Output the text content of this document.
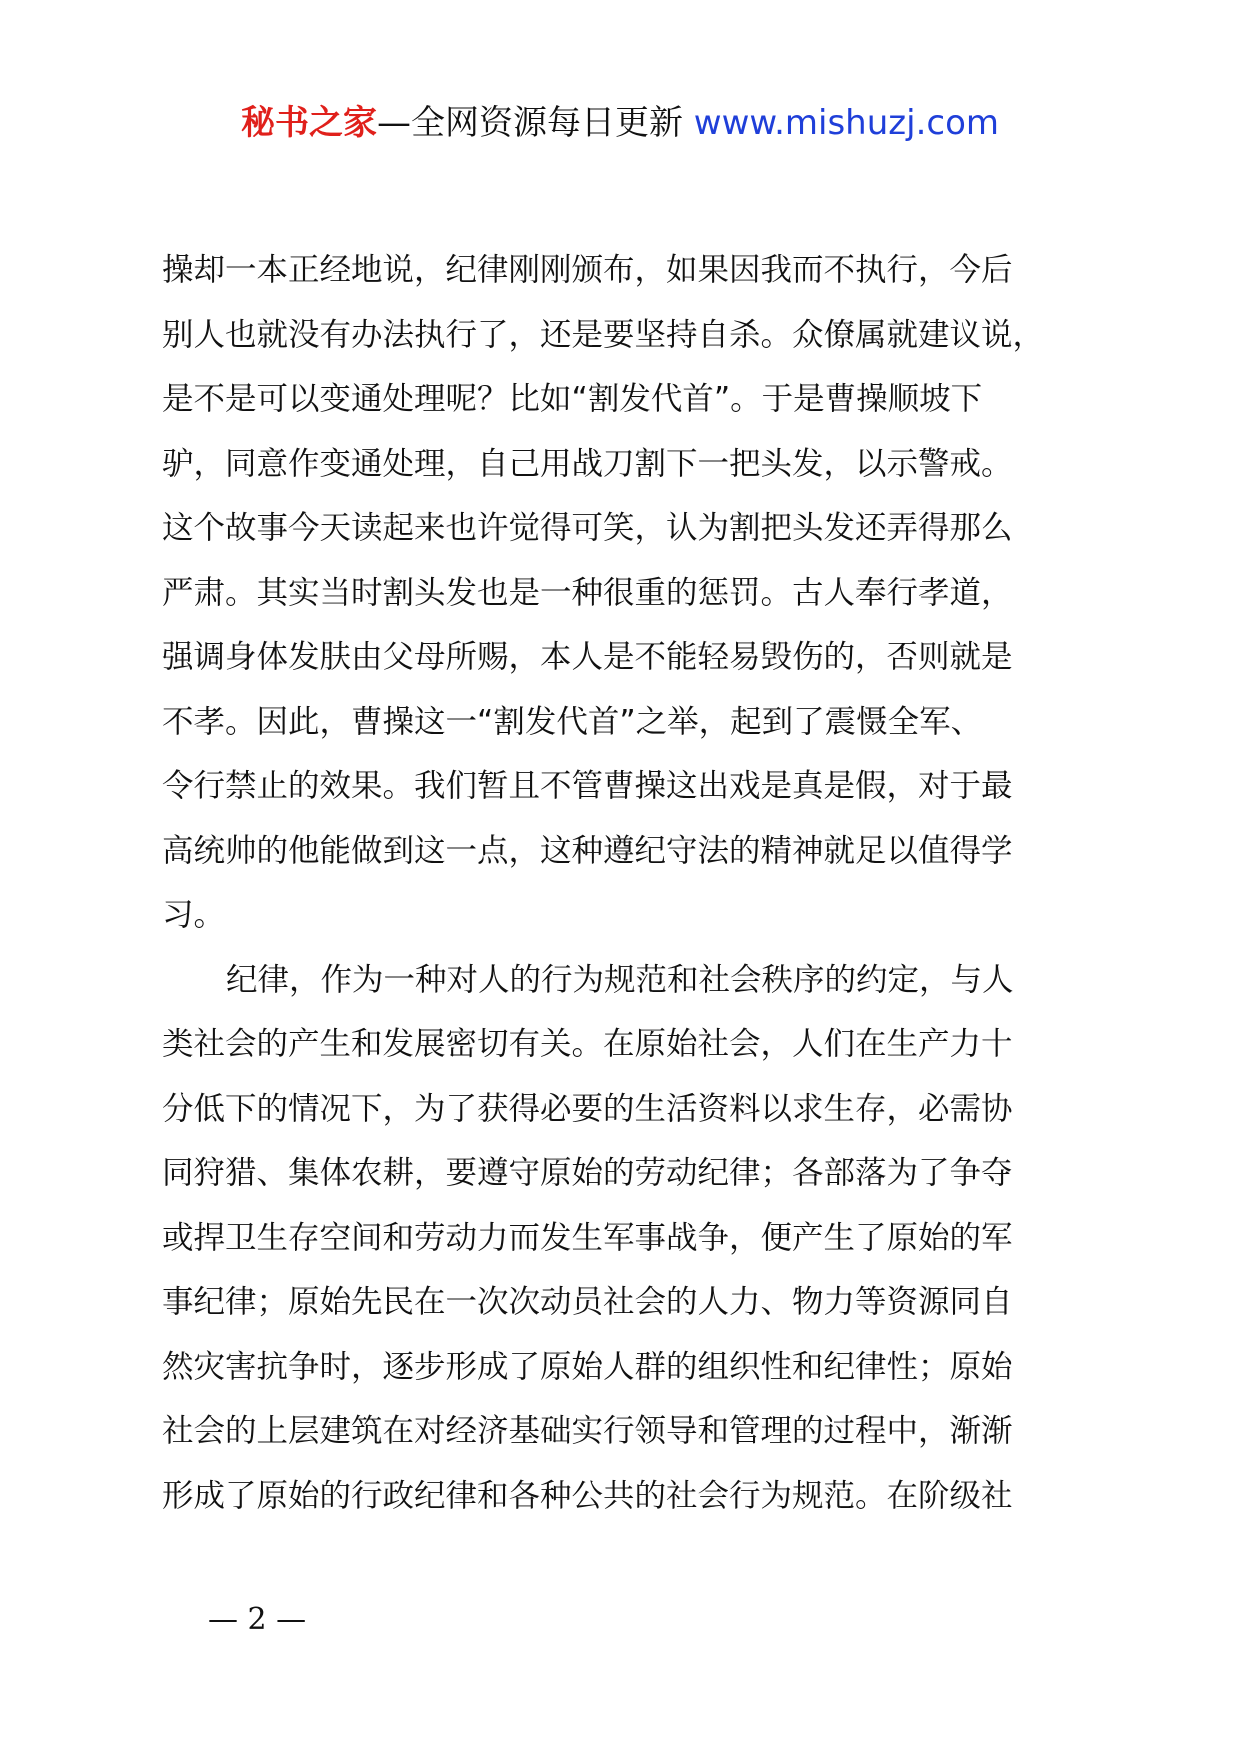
秘书之家—全网资源每日更新 www.mishuzj.com
操却一本正经地说，纪律刚刚颁布，如果因我而不执行，今后
别人也就没有办法执行了，还是要坚持自杀。众僚属就建议说，
是不是可以变通处理呢？比如“割发代首”。于是曹操顺坡下
驴，同意作变通处理，自己用战刀割下一把头发，以示警戒。
这个故事今天读起来也许觉得可笑，认为割把头发还弄得那么
严肃。其实当时割头发也是一种很重的惩罚。古人奉行孝道，
强调身体发肤由父母所赐，本人是不能轻易毁伤的，否则就是
不孝。因此，曹操这一“割发代首”之举，起到了震慑全军、
令行禁止的效果。我们暂且不管曹操这出戏是真是假，对于最
高统帅的他能做到这一点，这种遵纪守法的精神就足以值得学
习。
纪律，作为一种对人的行为规范和社会秩序的约定，与人
类社会的产生和发展密切有关。在原始社会，人们在生产力十
分低下的情况下，为了获得必要的生活资料以求生存，必需协
同狩猎、集体农耕，要遵守原始的劳动纪律；各部落为了争夺
或捍卫生存空间和劳动力而发生军事战争，便产生了原始的军
事纪律；原始先民在一次次动员社会的人力、物力等资源同自
然灾害抗争时，逐步形成了原始人群的组织性和纪律性；原始
社会的上层建筑在对经济基础实行领导和管理的过程中，渐渐
形成了原始的行政纪律和各种公共的社会行为规范。在阶级社
— 2 —
